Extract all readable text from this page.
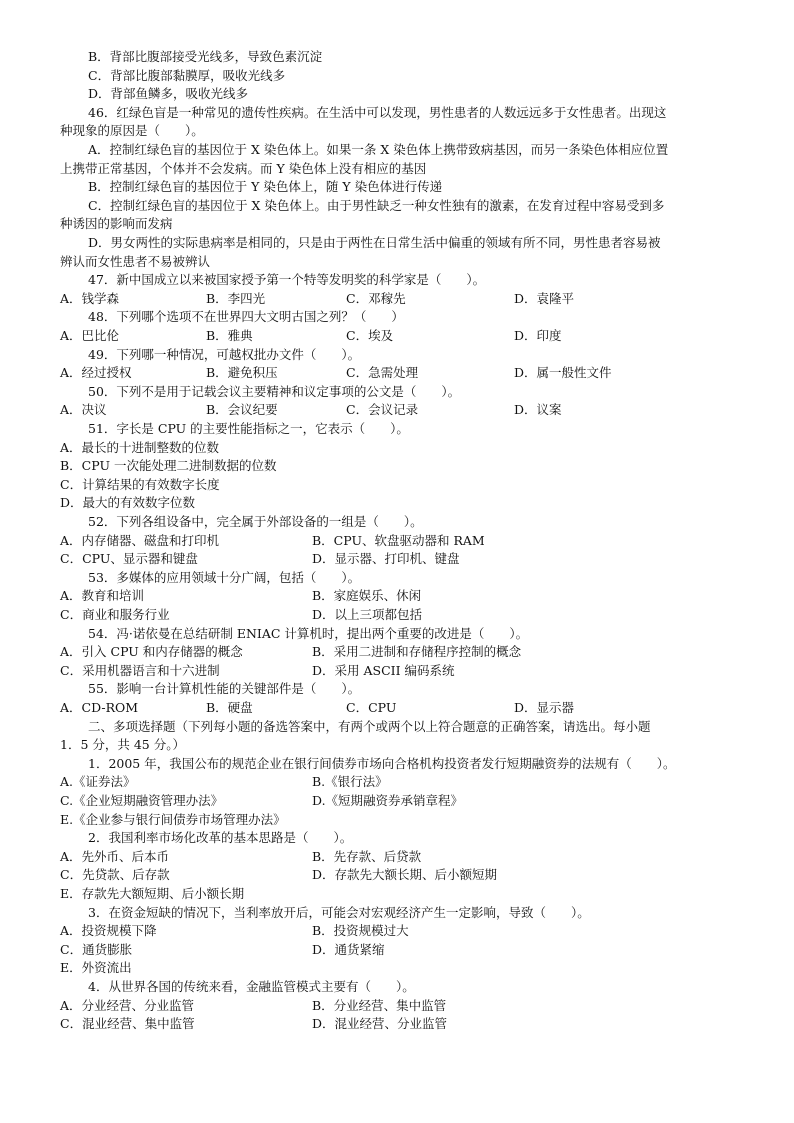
B．背部比腹部接受光线多，导致色素沉淀
C．背部比腹部黏膜厚，吸收光线多
D．背部鱼鳞多，吸收光线多
46．红绿色盲是一种常见的遗传性疾病。在生活中可以发现，男性患者的人数远远多于女性患者。出现这
种现象的原因是（　　）。
A．控制红绿色盲的基因位于 X 染色体上。如果一条 X 染色体上携带致病基因，而另一条染色体相应位置
上携带正常基因，个体并不会发病。而 Y 染色体上没有相应的基因
B．控制红绿色盲的基因位于 Y 染色体上，随 Y 染色体进行传递
C．控制红绿色盲的基因位于 X 染色体上。由于男性缺乏一种女性独有的激素，在发育过程中容易受到多
种诱因的影响而发病
D．男女两性的实际患病率是相同的，只是由于两性在日常生活中偏重的领域有所不同，男性患者容易被
辨认而女性患者不易被辨认
47．新中国成立以来被国家授予第一个特等发明奖的科学家是（　　）。
A．钱学森	B．李四光	C．邓稼先	D．袁隆平
48．下列哪个选项不在世界四大文明古国之列？（　　）
A．巴比伦	B．雅典	C．埃及	D．印度
49．下列哪一种情况，可越权批办文件（　　）。
A．经过授权	B．避免积压	C．急需处理	D．属一般性文件
50．下列不是用于记载会议主要精神和议定事项的公文是（　　）。
A．决议	B．会议纪要	C．会议记录	D．议案
51．字长是 CPU 的主要性能指标之一，它表示（　　）。
A．最长的十进制整数的位数
B．CPU 一次能处理二进制数据的位数
C．计算结果的有效数字长度
D．最大的有效数字位数
52．下列各组设备中，完全属于外部设备的一组是（　　）。
A．内存储器、磁盘和打印机	B．CPU、软盘驱动器和 RAM
C．CPU、显示器和键盘	D．显示器、打印机、键盘
53．多媒体的应用领域十分广阔，包括（　　）。
A．教育和培训	B．家庭娱乐、休闲
C．商业和服务行业	D．以上三项都包括
54．冯·诺依曼在总结研制 ENIAC 计算机时，提出两个重要的改进是（　　）。
A．引入 CPU 和内存储器的概念	B．采用二进制和存储程序控制的概念
C．采用机器语言和十六进制	D．采用 ASCII 编码系统
55．影响一台计算机性能的关键部件是（　　）。
A．CD-ROM	B．硬盘	C．CPU	D．显示器
二、多项选择题（下列每小题的备选答案中，有两个或两个以上符合题意的正确答案，请选出。每小题
1．5 分，共 45 分。）
1．2005 年，我国公布的规范企业在银行间债券市场向合格机构投资者发行短期融资券的法规有（　　）。
A.《证券法》	B.《银行法》
C.《企业短期融资管理办法》	D.《短期融资券承销章程》
E.《企业参与银行间债券市场管理办法》
2．我国利率市场化改革的基本思路是（　　）。
A．先外币、后本币	B．先存款、后贷款
C．先贷款、后存款	D．存款先大额长期、后小额短期
E．存款先大额短期、后小额长期
3．在资金短缺的情况下，当利率放开后，可能会对宏观经济产生一定影响，导致（　　）。
A．投资规模下降	B．投资规模过大
C．通货膨胀	D．通货紧缩
E．外资流出
4．从世界各国的传统来看，金融监管模式主要有（　　）。
A．分业经营、分业监管	B．分业经营、集中监管
C．混业经营、集中监管	D．混业经营、分业监管
